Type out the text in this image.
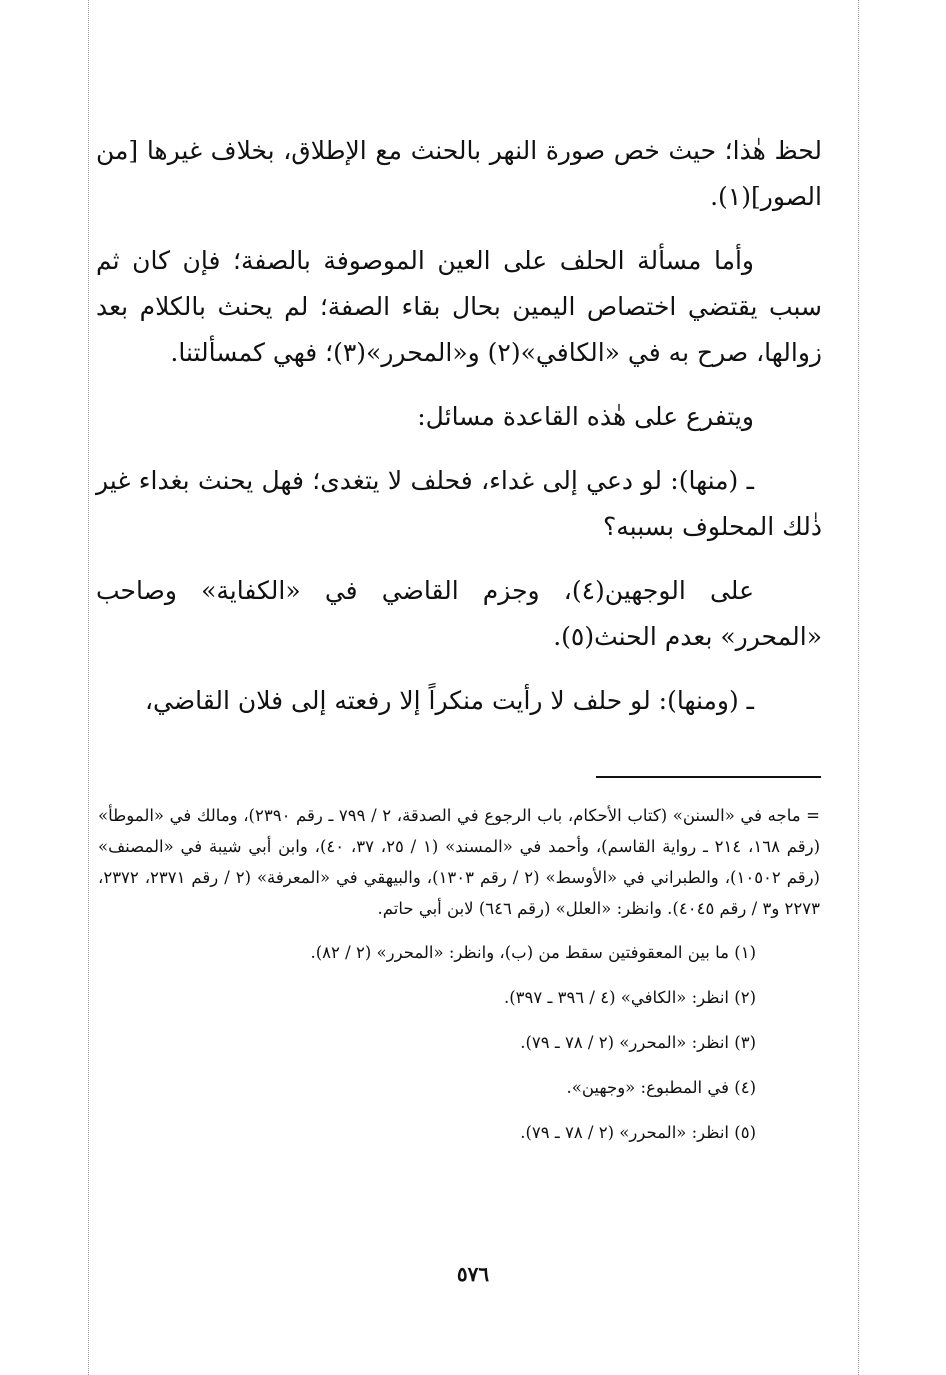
لحظ هٰذا؛ حيث خص صورة النهر بالحنث مع الإطلاق، بخلاف غيرها [من الصور](١).

وأما مسألة الحلف على العين الموصوفة بالصفة؛ فإن كان ثم سبب يقتضي اختصاص اليمين بحال بقاء الصفة؛ لم يحنث بالكلام بعد زوالها، صرح به في «الكافي»(٢) و«المحرر»(٣)؛ فهي كمسألتنا.

ويتفرع على هٰذه القاعدة مسائل:

ـ (منها): لو دعي إلى غداء، فحلف لا يتغدى؛ فهل يحنث بغداء غير ذٰلك المحلوف بسببه؟

على الوجهين(٤)، وجزم القاضي في «الكفاية» وصاحب «المحرر» بعدم الحنث(٥).

ـ (ومنها): لو حلف لا رأيت منكراً إلا رفعته إلى فلان القاضي،

= ماجه في «السنن» (كتاب الأحكام، باب الرجوع في الصدقة، ٢ / ٧٩٩ ـ رقم ٢٣٩٠)، ومالك في «الموطأ» (رقم ١٦٨، ٢١٤ ـ رواية القاسم)، وأحمد في «المسند» (١ / ٢٥، ٣٧، ٤٠)، وابن أبي شيبة في «المصنف» (رقم ١٠٥٠٢)، والطبراني في «الأوسط» (٢ / رقم ١٣٠٣)، والبيهقي في «المعرفة» (٢ / رقم ٢٣٧١، ٢٣٧٢، ٢٢٧٣ و٣ / رقم ٤٠٤٥). وانظر: «العلل» (رقم ٦٤٦) لابن أبي حاتم.

(١) ما بين المعقوفتين سقط من (ب)، وانظر: «المحرر» (٢ / ٨٢).
(٢) انظر: «الكافي» (٤ / ٣٩٦ ـ ٣٩٧).
(٣) انظر: «المحرر» (٢ / ٧٨ ـ ٧٩).
(٤) في المطبوع: «وجهين».
(٥) انظر: «المحرر» (٢ / ٧٨ ـ ٧٩).
٥٧٦
